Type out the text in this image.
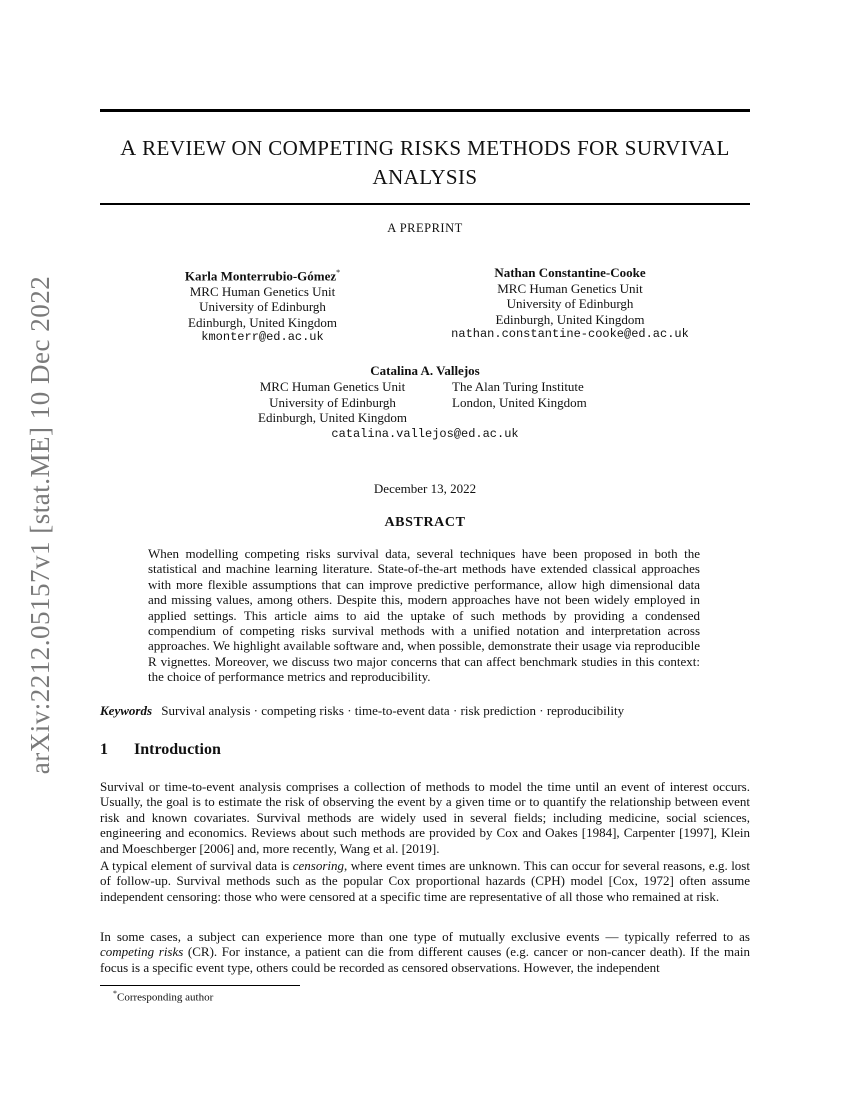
arXiv:2212.05157v1 [stat.ME] 10 Dec 2022
A REVIEW ON COMPETING RISKS METHODS FOR SURVIVAL
ANALYSIS
A PREPRINT
Karla Monterrubio-Gómez*
MRC Human Genetics Unit
University of Edinburgh
Edinburgh, United Kingdom
kmonterr@ed.ac.uk
Nathan Constantine-Cooke
MRC Human Genetics Unit
University of Edinburgh
Edinburgh, United Kingdom
nathan.constantine-cooke@ed.ac.uk
Catalina A. Vallejos
MRC Human Genetics Unit
University of Edinburgh
Edinburgh, United Kingdom
The Alan Turing Institute
London, United Kingdom
catalina.vallejos@ed.ac.uk
December 13, 2022
ABSTRACT
When modelling competing risks survival data, several techniques have been proposed in both the statistical and machine learning literature. State-of-the-art methods have extended classical approaches with more flexible assumptions that can improve predictive performance, allow high dimensional data and missing values, among others. Despite this, modern approaches have not been widely employed in applied settings. This article aims to aid the uptake of such methods by providing a condensed compendium of competing risks survival methods with a unified notation and interpretation across approaches. We highlight available software and, when possible, demonstrate their usage via reproducible R vignettes. Moreover, we discuss two major concerns that can affect benchmark studies in this context: the choice of performance metrics and reproducibility.
Keywords Survival analysis · competing risks · time-to-event data · risk prediction · reproducibility
1 Introduction
Survival or time-to-event analysis comprises a collection of methods to model the time until an event of interest occurs. Usually, the goal is to estimate the risk of observing the event by a given time or to quantify the relationship between event risk and known covariates. Survival methods are widely used in several fields; including medicine, social sciences, engineering and economics. Reviews about such methods are provided by Cox and Oakes [1984], Carpenter [1997], Klein and Moeschberger [2006] and, more recently, Wang et al. [2019].
A typical element of survival data is censoring, where event times are unknown. This can occur for several reasons, e.g. lost of follow-up. Survival methods such as the popular Cox proportional hazards (CPH) model [Cox, 1972] often assume independent censoring: those who were censored at a specific time are representative of all those who remained at risk.
In some cases, a subject can experience more than one type of mutually exclusive events — typically referred to as competing risks (CR). For instance, a patient can die from different causes (e.g. cancer or non-cancer death). If the main focus is a specific event type, others could be recorded as censored observations. However, the independent
*Corresponding author
